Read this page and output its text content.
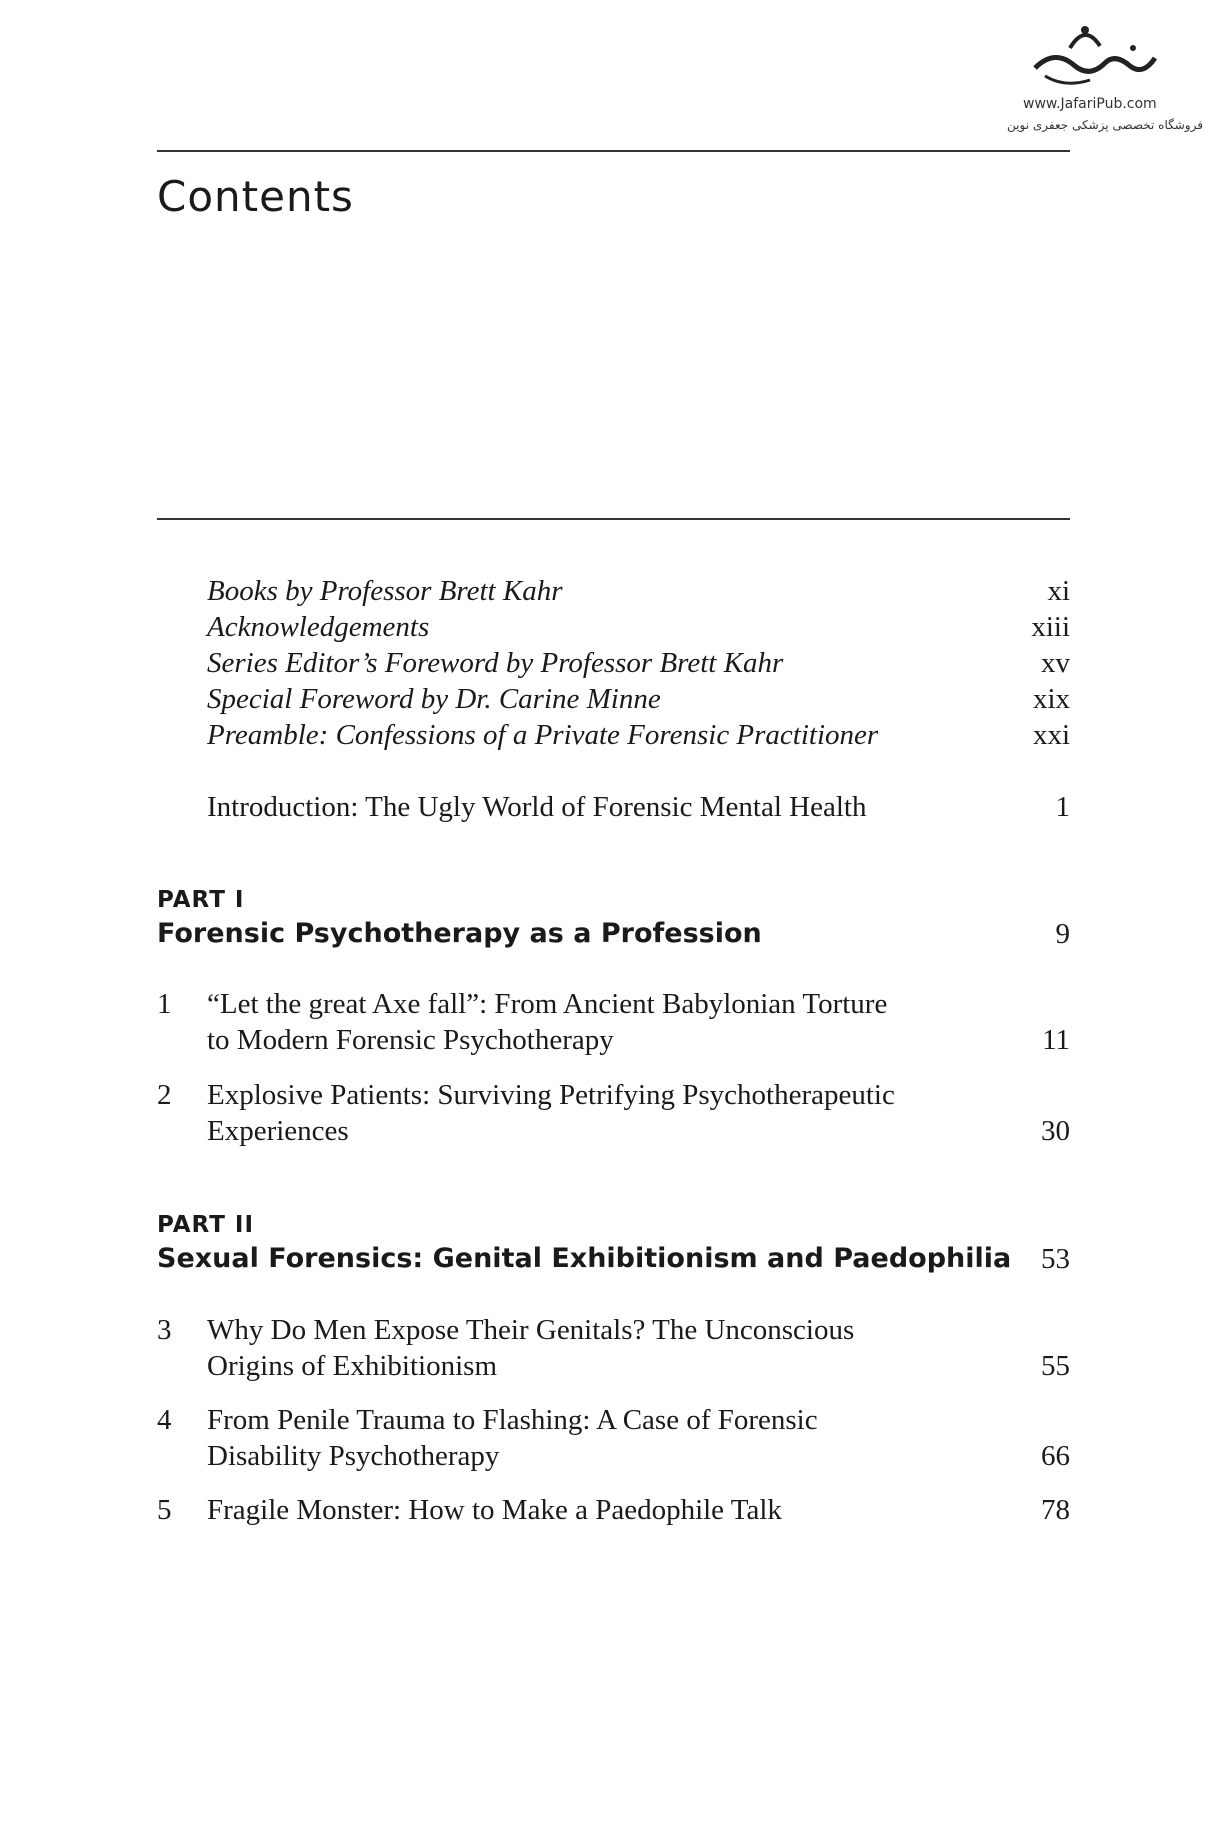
www.JafariPub.com
فروشگاه تخصصی پزشکی جعفری نوین
Contents
Books by Professor Brett Kahr	xi
Acknowledgements	xiii
Series Editor’s Foreword by Professor Brett Kahr	xv
Special Foreword by Dr. Carine Minne	xix
Preamble: Confessions of a Private Forensic Practitioner	xxi
Introduction: The Ugly World of Forensic Mental Health	1
PART I
Forensic Psychotherapy as a Profession	9
1 “Let the great Axe fall”: From Ancient Babylonian Torture
to Modern Forensic Psychotherapy	11
2 Explosive Patients: Surviving Petrifying Psychotherapeutic
Experiences	30
PART II
Sexual Forensics: Genital Exhibitionism and Paedophilia 53
3 Why Do Men Expose Their Genitals? The Unconscious
Origins of Exhibitionism	55
4 From Penile Trauma to Flashing: A Case of Forensic
Disability Psychotherapy	66
5 Fragile Monster: How to Make a Paedophile Talk	78
